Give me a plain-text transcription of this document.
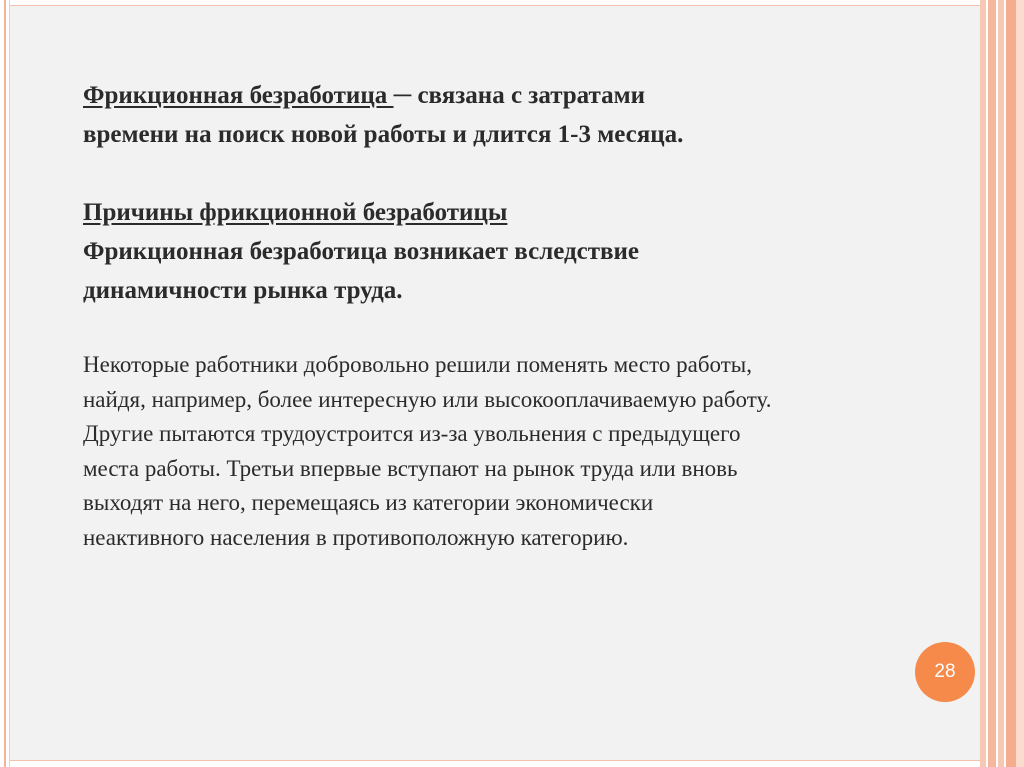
Фрикционная безработица ─ связана с затратами
времени на поиск новой работы и длится 1-3 месяца.

Причины фрикционной безработицы
Фрикционная безработица возникает вследствие
динамичности рынка труда.

Некоторые работники добровольно решили поменять место работы,
найдя, например, более интересную или высокооплачиваемую работу.
Другие пытаются трудоустроится из-за увольнения с предыдущего
места работы. Третьи впервые вступают на рынок труда или вновь
выходят на него, перемещаясь из категории экономически
неактивного населения в противоположную категорию.

28
